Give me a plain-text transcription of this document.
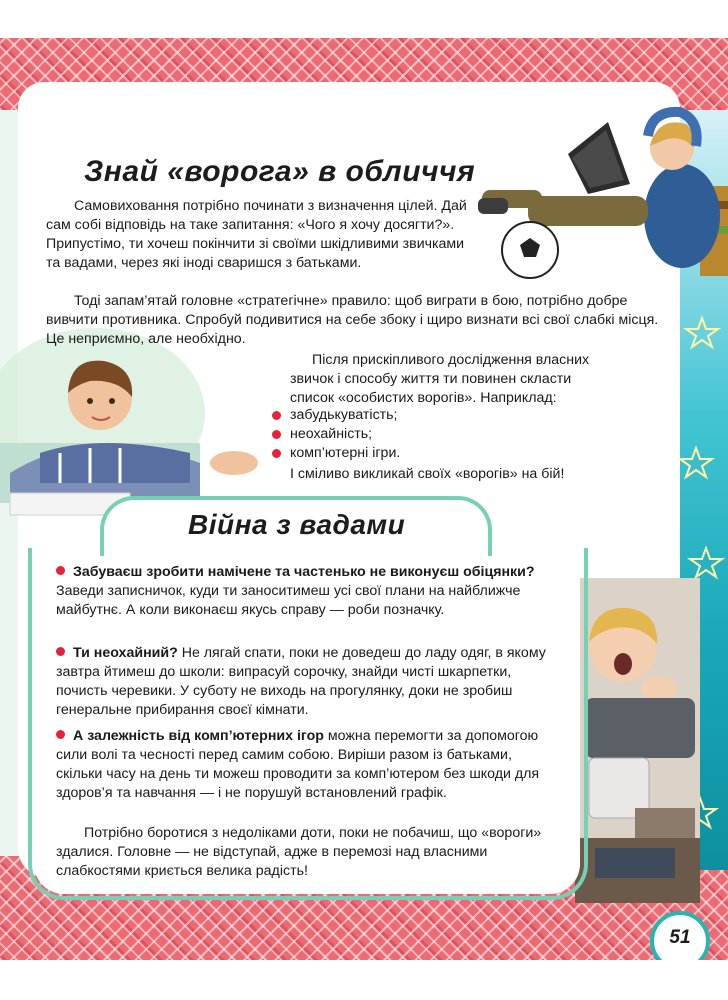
Знай «ворога» в обличчя

Самовиховання потрібно починати з визначення цілей. Дай сам собі відповідь на таке запитання: «Чого я хочу досягти?». Припустімо, ти хочеш покінчити зі своїми шкідливими звичками та вадами, через які іноді сваришся з батьками.

Тоді запам’ятай головне «стратегічне» правило: щоб виграти в бою, потрібно добре вивчити противника. Спробуй подивитися на себе збоку і щиро визнати всі свої слабкі місця. Це неприємно, але необхідно.

Після прискіпливого дослідження власних звичок і способу життя ти повинен скласти список «особистих ворогів». Наприклад:

забудькуватість;
неохайність;
комп’ютерні ігри.

І сміливо викликай своїх «ворогів» на бій!

Війна з вадами

Забуваєш зробити намічене та частенько не виконуєш обіцянки? Заведи записничок, куди ти заноситимеш усі свої плани на найближче майбутнє. А коли виконаєш якусь справу — роби позначку.

Ти неохайний? Не лягай спати, поки не доведеш до ладу одяг, в якому завтра йтимеш до школи: випрасуй сорочку, знайди чисті шкарпетки, почисть черевики. У суботу не виходь на прогулянку, доки не зробиш генеральне прибирання своєї кімнати.

А залежність від комп’ютерних ігор можна перемогти за допомогою сили волі та чесності перед самим собою. Виріши разом із батьками, скільки часу на день ти можеш проводити за комп’ютером без шкоди для здоров’я та навчання — і не порушуй встановлений графік.

Потрібно боротися з недоліками доти, поки не побачиш, що «вороги» здалися. Головне — не відступай, адже в перемозі над власними слабкостями криється велика радість!

51
